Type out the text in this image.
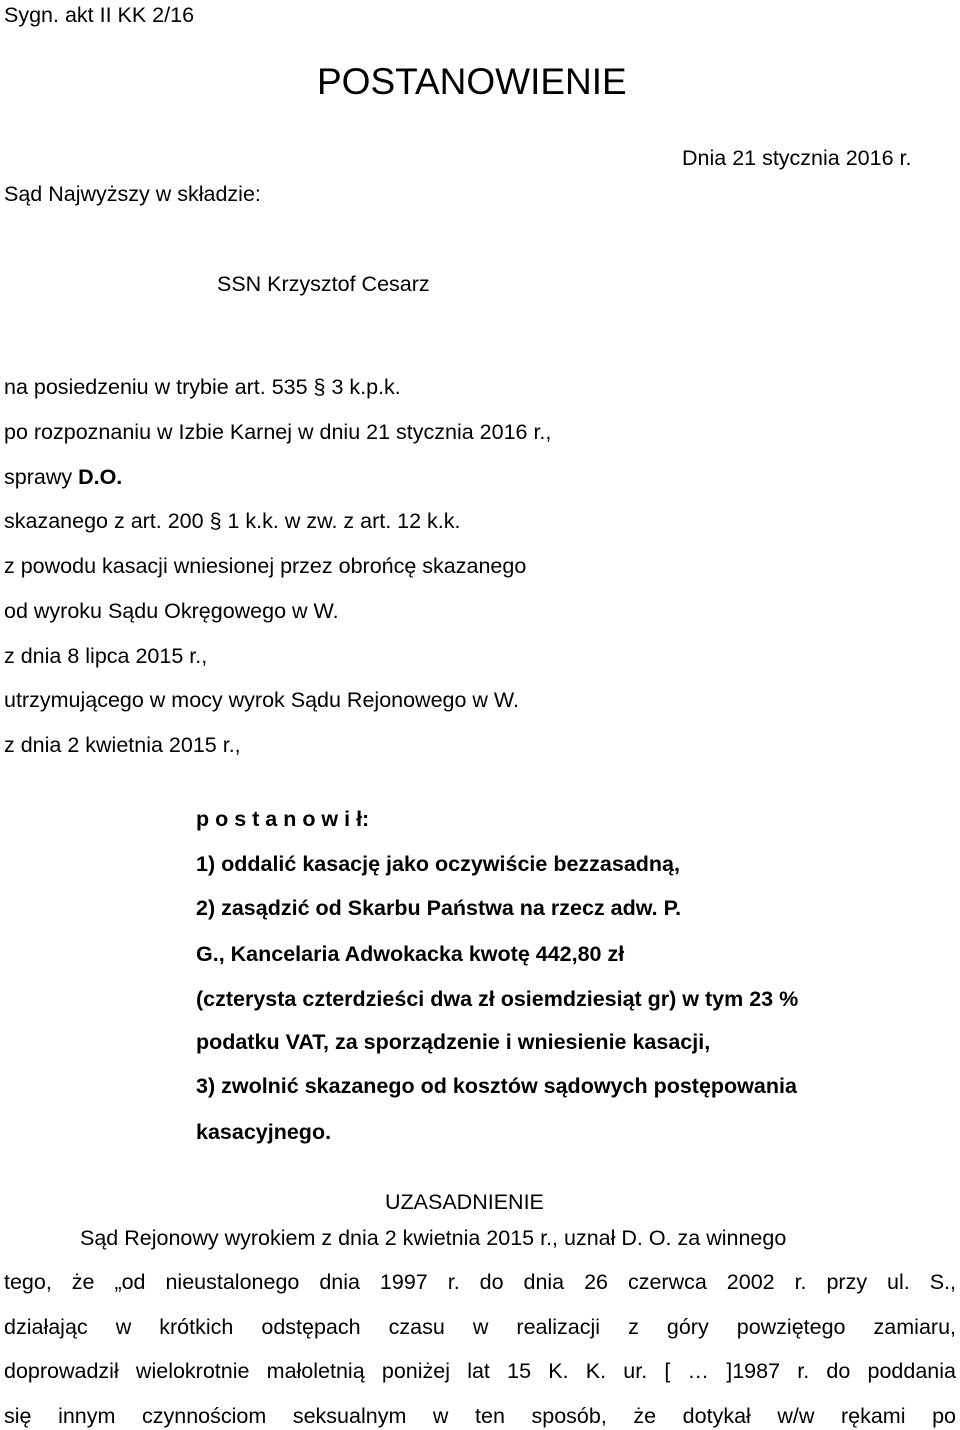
Sygn. akt II KK 2/16
POSTANOWIENIE
Dnia 21 stycznia 2016 r.
Sąd Najwyższy w składzie:
SSN Krzysztof Cesarz
na posiedzeniu w trybie art. 535 § 3 k.p.k.
po rozpoznaniu w Izbie Karnej w dniu 21 stycznia 2016 r.,
sprawy D.O.
skazanego z art. 200 § 1 k.k. w zw. z art. 12 k.k.
z powodu kasacji wniesionej przez obrońcę skazanego
od wyroku Sądu Okręgowego w W.
z dnia 8 lipca 2015 r.,
utrzymującego w mocy wyrok Sądu Rejonowego w W.
z dnia 2 kwietnia 2015 r.,
p o s t a n o w i ł:
1) oddalić kasację jako oczywiście bezzasadną,
2) zasądzić od Skarbu Państwa na rzecz adw. P.
G., Kancelaria Adwokacka kwotę 442,80 zł
(czterysta czterdzieści dwa zł osiemdziesiąt gr) w tym 23 %
podatku VAT, za sporządzenie i wniesienie kasacji,
3) zwolnić skazanego od kosztów sądowych postępowania
kasacyjnego.
UZASADNIENIE
Sąd Rejonowy wyrokiem z dnia 2 kwietnia 2015 r., uznał D. O. za winnego
tego, że „od nieustalonego dnia 1997 r. do dnia 26 czerwca 2002 r. przy ul. S.,
działając w krótkich odstępach czasu w realizacji z góry powziętego zamiaru,
doprowadził wielokrotnie małoletnią poniżej lat 15 K. K. ur. [ … ]1987 r. do poddania
się innym czynnościom seksualnym w ten sposób, że dotykał w/w rękami po
